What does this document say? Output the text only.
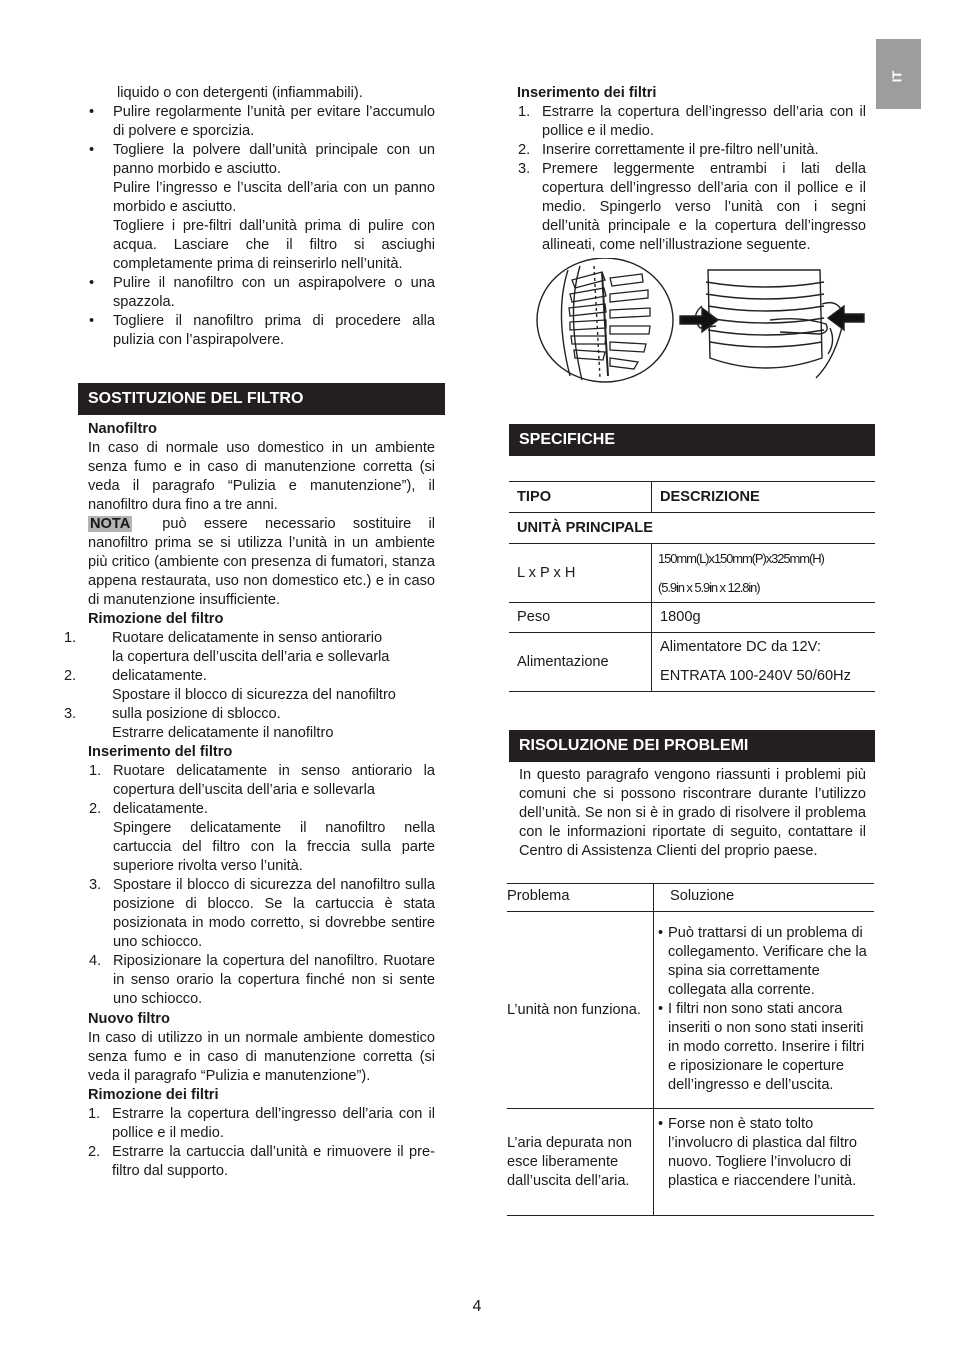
IT
liquido o con detergenti (infiammabili).
• Pulire regolarmente l’unità per evitare l’accumulo di polvere e sporcizia.
• Togliere la polvere dall’unità principale con un panno morbido e asciutto.
Pulire l’ingresso e l’uscita dell’aria con un panno morbido e asciutto.
Togliere i pre-filtri dall’unità prima di pulire con acqua. Lasciare che il filtro si asciughi completamente prima di reinserirlo nell’unità.
• Pulire il nanofiltro con un aspirapolvere o una spazzola.
• Togliere il nanofiltro prima di procedere alla pulizia con l’aspirapolvere.
SOSTITUZIONE DEL FILTRO
Nanofiltro
In caso di normale uso domestico in un ambiente senza fumo e in caso di manutenzione corretta (si veda il paragrafo “Pulizia e manutenzione”), il nanofiltro dura fino a tre anni.
NOTA può essere necessario sostituire il nanofiltro prima se si utilizza l’unità in un ambiente più critico (ambiente con presenza di fumatori, stanza appena restaurata, uso non domestico etc.) e in caso di manutenzione insufficiente.
Rimozione del filtro
1.
2.
3.
Ruotare delicatamente in senso antiorario
la copertura dell’uscita dell’aria e sollevarla
delicatamente.
Spostare il blocco di sicurezza del nanofiltro
sulla posizione di sblocco.
Estrarre delicatamente il nanofiltro
Inserimento del filtro
1. Ruotare delicatamente in senso antiorario la copertura dell’uscita dell’aria e sollevarla
2. delicatamente.
Spingere delicatamente il nanofiltro nella cartuccia del filtro con la freccia sulla parte superiore rivolta verso l’unità.
3. Spostare il blocco di sicurezza del nanofiltro sulla posizione di blocco. Se la cartuccia è stata posizionata in modo corretto, si dovrebbe sentire uno schiocco.
4. Riposizionare la copertura del nanofiltro. Ruotare in senso orario la copertura finché non si sente uno schiocco.
Nuovo filtro
In caso di utilizzo in un normale ambiente domestico senza fumo e in caso di manutenzione corretta (si veda il paragrafo “Pulizia e manutenzione”).
Rimozione dei filtri
1. Estrarre la copertura dell’ingresso dell’aria con il pollice e il medio.
2. Estrarre la cartuccia dall’unità e rimuovere il pre-filtro dal supporto.
Inserimento dei filtri
1. Estrarre la copertura dell’ingresso dell’aria con il pollice e il medio.
2. Inserire correttamente il pre-filtro nell’unità.
3. Premere leggermente entrambi i lati della copertura dell’ingresso dell’aria con il pollice e il medio. Spingerlo verso l’unità con i segni dell’unità principale e la copertura dell’ingresso allineati, come nell’illustrazione seguente.
SPECIFICHE
TIPO	DESCRIZIONE
UNITÀ PRINCIPALE	
L x P x H	150mm(L)x150mm(P)x325mm(H)
(5.9in x 5.9in x 12.8in)

Peso	1800g
Alimentazione	Alimentatore DC da 12V:
ENTRATA 100-240V 50/60Hz
RISOLUZIONE DEI PROBLEMI
In questo paragrafo vengono riassunti i problemi più comuni che si possono riscontrare durante l’utilizzo dell’unità. Se non si è in grado di risolvere il problema con le informazioni riportate di seguito, contattare il Centro di Assistenza Clienti del proprio paese.
Problema	Soluzione
L’unità non funziona.	• Può trattarsi di un problema di collegamento. Verificare che la spina sia correttamente collegata alla corrente.
• I filtri non sono stati ancora inseriti o non sono stati inseriti in modo corretto. Inserire i filtri e riposizionare le coperture dell’ingresso e dell’uscita.

L’aria depurata non esce liberamente dall’uscita dell’aria.	• Forse non è stato tolto l’involucro di plastica dal filtro nuovo. Togliere l’involucro di plastica e riaccendere l’unità.
4
